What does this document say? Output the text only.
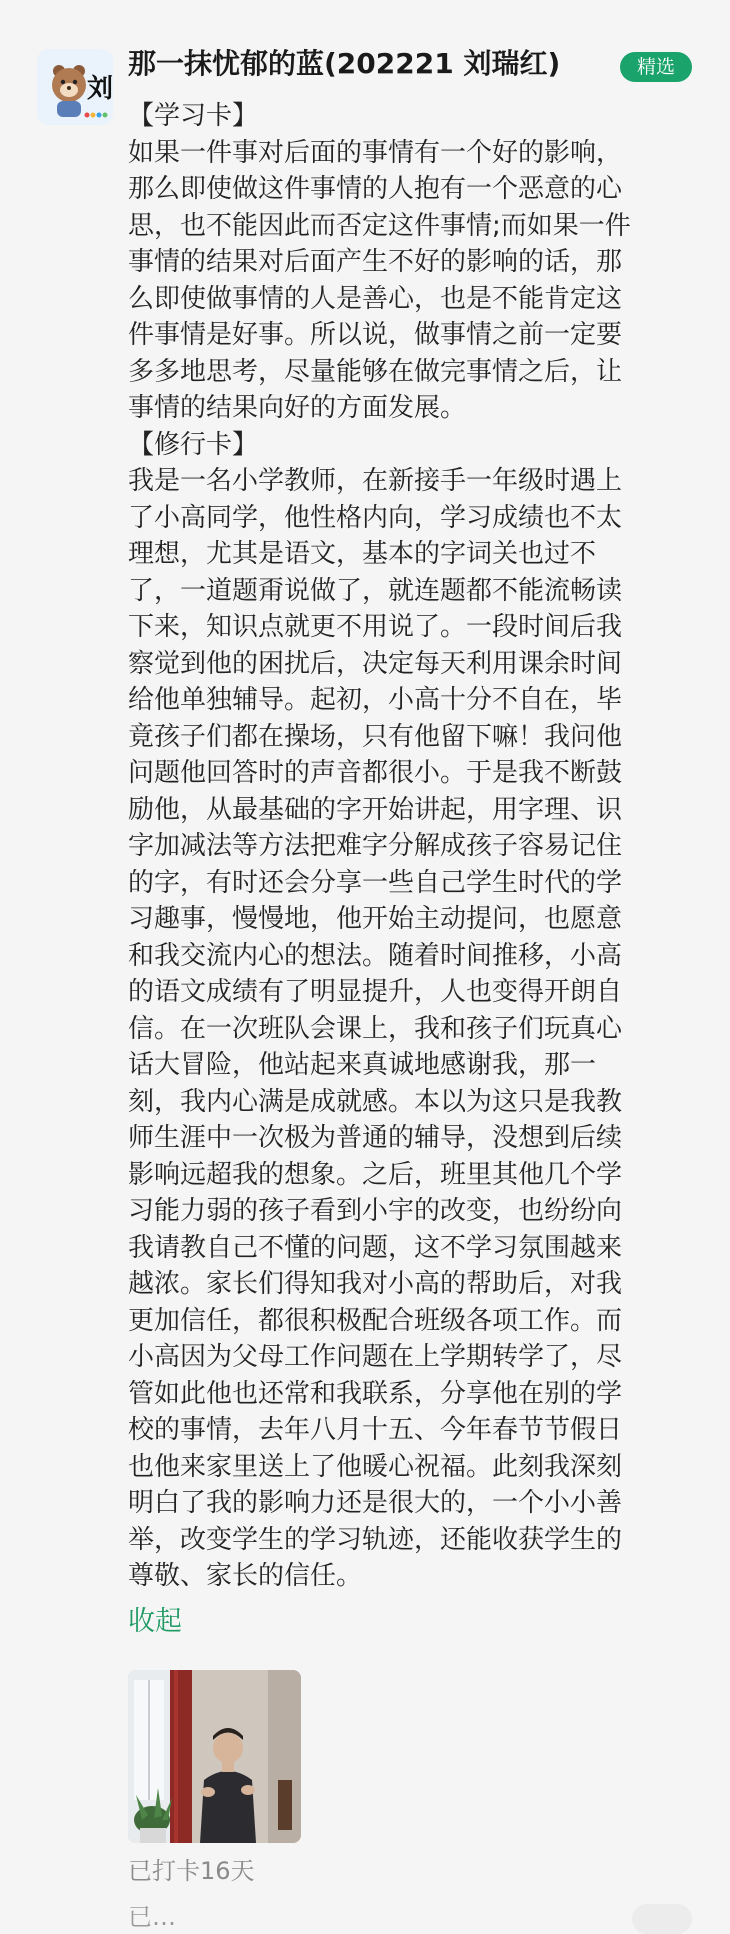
刘
那一抹忧郁的蓝(202221 刘瑞红)	精选
【学习卡】
如果一件事对后面的事情有一个好的影响，
那么即使做这件事情的人抱有一个恶意的心
思，也不能因此而否定这件事情;而如果一件
事情的结果对后面产生不好的影响的话，那
么即使做事情的人是善心，也是不能肯定这
件事情是好事。所以说，做事情之前一定要
多多地思考，尽量能够在做完事情之后，让
事情的结果向好的方面发展。
【修行卡】
我是一名小学教师，在新接手一年级时遇上
了小高同学，他性格内向，学习成绩也不太
理想，尤其是语文，基本的字词关也过不
了，一道题甭说做了，就连题都不能流畅读
下来，知识点就更不用说了。一段时间后我
察觉到他的困扰后，决定每天利用课余时间
给他单独辅导。起初，小高十分不自在，毕
竟孩子们都在操场，只有他留下嘛！我问他
问题他回答时的声音都很小。于是我不断鼓
励他，从最基础的字开始讲起，用字理、识
字加减法等方法把难字分解成孩子容易记住
的字，有时还会分享一些自己学生时代的学
习趣事，慢慢地，他开始主动提问，也愿意
和我交流内心的想法。随着时间推移，小高
的语文成绩有了明显提升，人也变得开朗自
信。在一次班队会课上，我和孩子们玩真心
话大冒险，他站起来真诚地感谢我，那一
刻，我内心满是成就感。本以为这只是我教
师生涯中一次极为普通的辅导，没想到后续
影响远超我的想象。之后，班里其他几个学
习能力弱的孩子看到小宇的改变，也纷纷向
我请教自己不懂的问题，这不学习氛围越来
越浓。家长们得知我对小高的帮助后，对我
更加信任，都很积极配合班级各项工作。而
小高因为父母工作问题在上学期转学了，尽
管如此他也还常和我联系，分享他在别的学
校的事情，去年八月十五、今年春节节假日
也他来家里送上了他暖心祝福。此刻我深刻
明白了我的影响力还是很大的，一个小小善
举，改变学生的学习轨迹，还能收获学生的
尊敬、家长的信任。
收起
已打卡16天
已…
